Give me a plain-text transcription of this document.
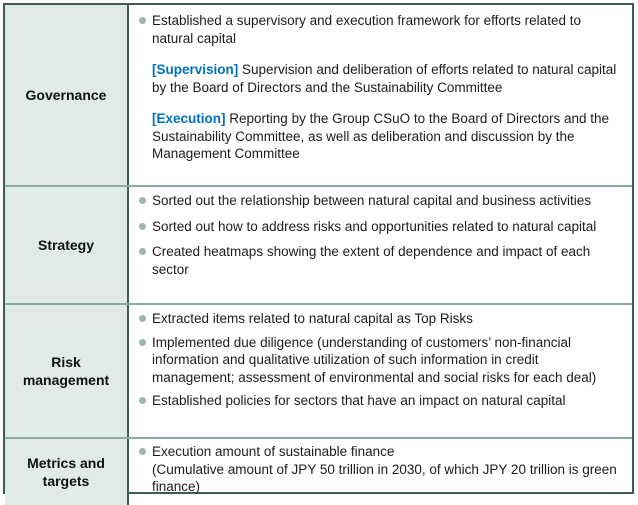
Governance
Established a supervisory and execution framework for efforts related to natural capital
[Supervision] Supervision and deliberation of efforts related to natural capital by the Board of Directors and the Sustainability Committee
[Execution] Reporting by the Group CSuO to the Board of Directors and the Sustainability Committee, as well as deliberation and discussion by the Management Committee
Strategy
Sorted out the relationship between natural capital and business activities
Sorted out how to address risks and opportunities related to natural capital
Created heatmaps showing the extent of dependence and impact of each sector
Risk management
Extracted items related to natural capital as Top Risks
Implemented due diligence (understanding of customers’ non-financial information and qualitative utilization of such information in credit management; assessment of environmental and social risks for each deal)
Established policies for sectors that have an impact on natural capital
Metrics and targets
Execution amount of sustainable finance
(Cumulative amount of JPY 50 trillion in 2030, of which JPY 20 trillion is green finance)
